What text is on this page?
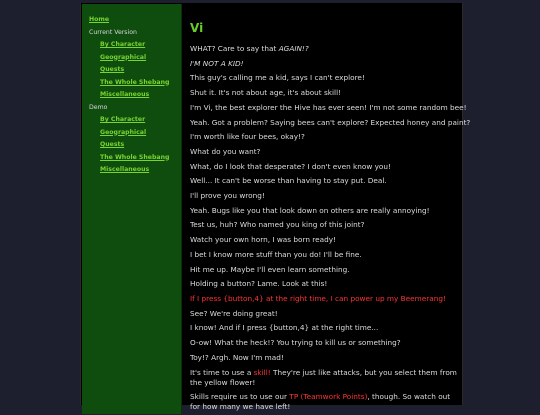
Home
Current Version
By Character
Geographical
Quests
The Whole Shebang
Miscellaneous
Demo
By Character
Geographical
Quests
The Whole Shebang
Miscellaneous
Vi
WHAT? Care to say that AGAIN!?
I'M NOT A KID!
This guy's calling me a kid, says I can't explore!
Shut it. It's not about age, it's about skill!
I'm Vi, the best explorer the Hive has ever seen! I'm not some random bee!
Yeah. Got a problem? Saying bees can't explore? Expected honey and paint?
I'm worth like four bees, okay!?
What do you want?
What, do I look that desperate? I don't even know you!
Well... It can't be worse than having to stay put. Deal.
I'll prove you wrong!
Yeah. Bugs like you that look down on others are really annoying!
Test us, huh? Who named you king of this joint?
Watch your own horn, I was born ready!
I bet I know more stuff than you do! I'll be fine.
Hit me up. Maybe I'll even learn something.
Holding a button? Lame. Look at this!
If I press {button,4} at the right time, I can power up my Beemerang!
See? We're doing great!
I know! And if I press {button,4} at the right time...
O-ow! What the heck!? You trying to kill us or something?
Toy!? Argh. Now I'm mad!
It's time to use a skill! They're just like attacks, but you select them from the yellow flower!
Skills require us to use our TP (Teamwork Points), though. So watch out for how many we have left!
